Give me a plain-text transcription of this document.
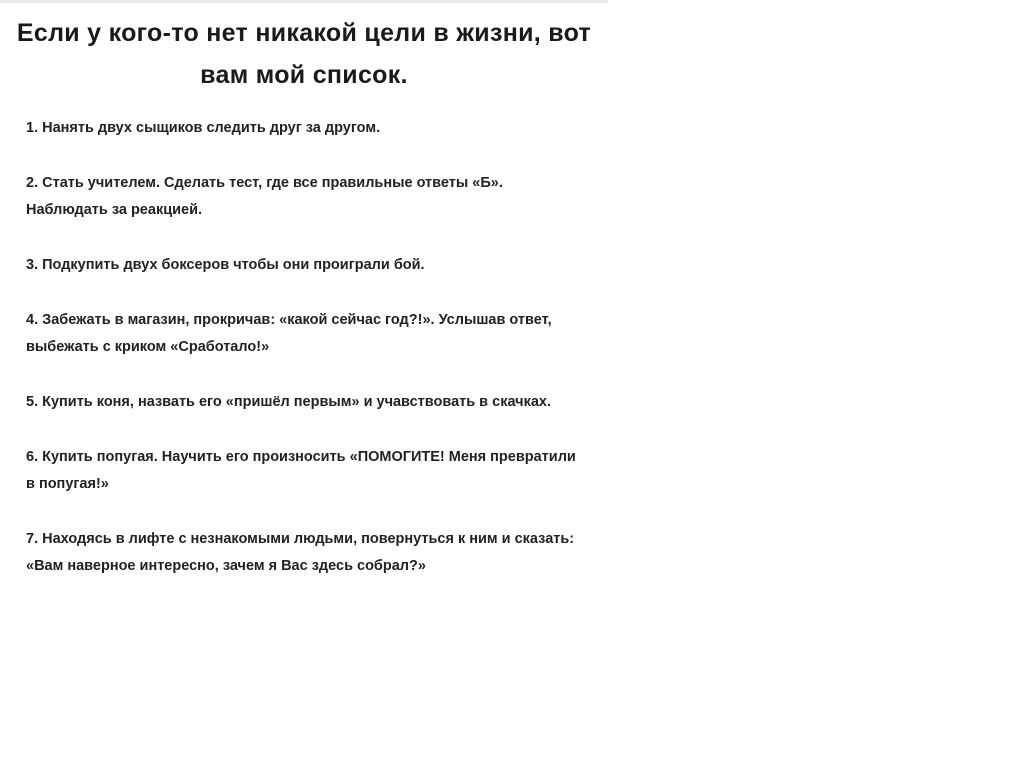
Если у кого-то нет никакой цели в жизни, вот вам мой список.
1. Нанять двух сыщиков следить друг за другом.
2. Стать учителем. Сделать тест, где все правильные ответы «Б». Наблюдать за реакцией.
3. Подкупить двух боксеров чтобы они проиграли бой.
4. Забежать в магазин, прокричав: «какой сейчас год?!». Услышав ответ, выбежать с криком «Сработало!»
5. Купить коня, назвать его «пришёл первым» и учавствовать в скачках.
6. Купить попугая. Научить его произносить «ПОМОГИТЕ! Меня превратили в попугая!»
7. Находясь в лифте с незнакомыми людьми, повернуться к ним и сказать: «Вам наверное интересно, зачем я Вас здесь собрал?»
